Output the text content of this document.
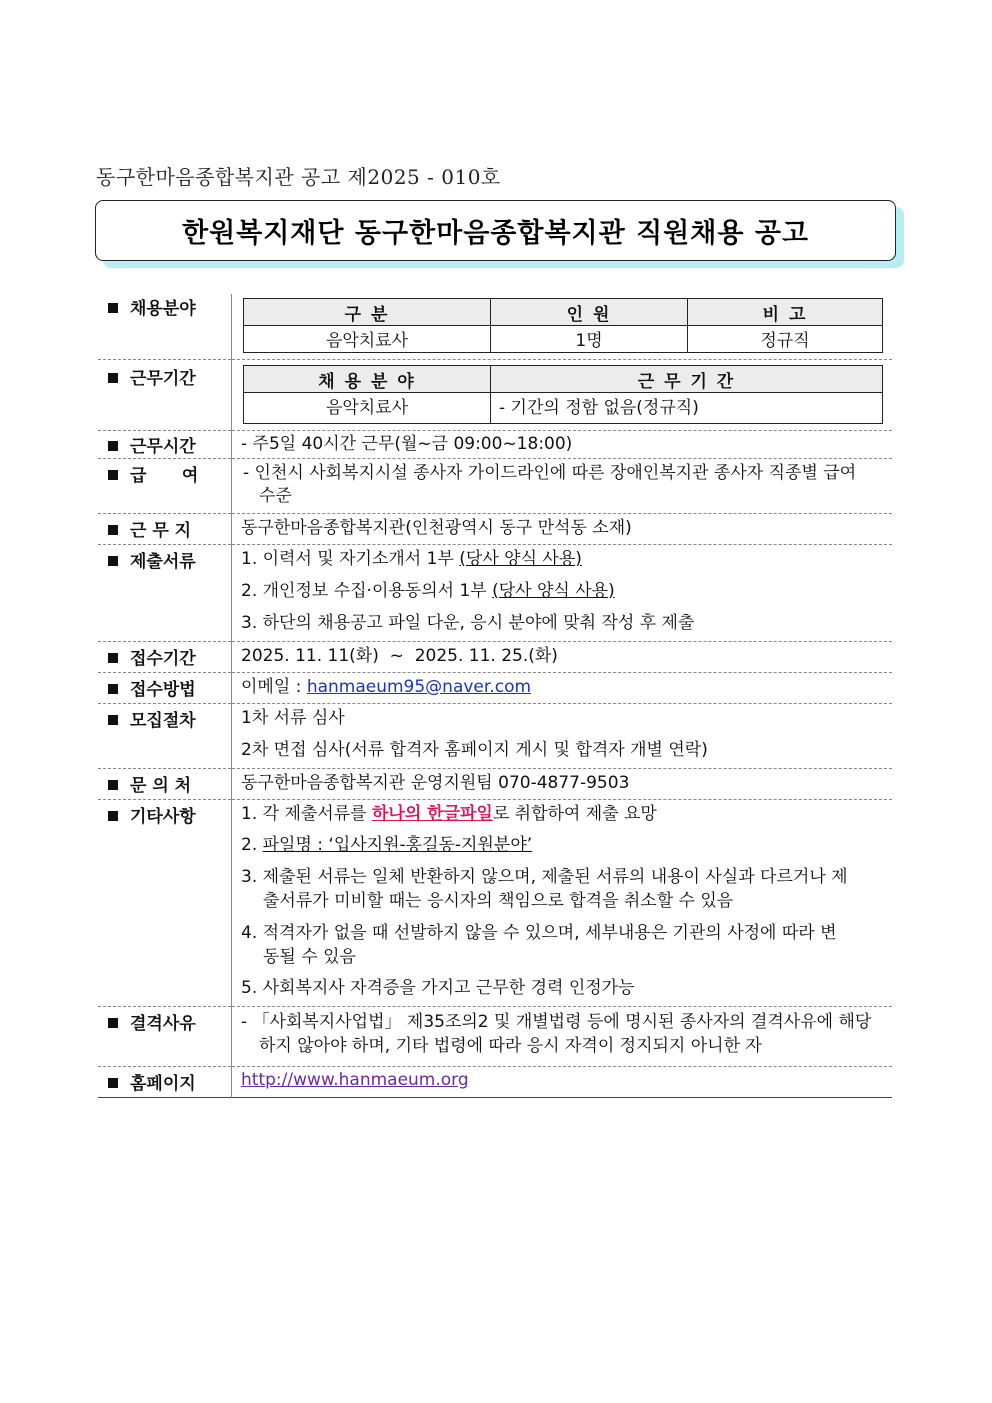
동구한마음종합복지관 공고 제2025 - 010호
한원복지재단 동구한마음종합복지관 직원채용 공고
채용분야		구 분	인 원	비 고
음악치료사	1명	정규직

근무기간		채 용 분 야	근 무 기 간
음악치료사	- 기간의 정함 없음(정규직)

근무시간	- 주5일 40시간 근무(월~금 09:00~18:00)

급      여	- 인천시 사회복지시설 종사자 가이드라인에 따른 장애인복지관 종사자 직종별 급여수준

근 무 지	동구한마음종합복지관(인천광역시 동구 만석동 소재)

제출서류	1. 이력서 및 자기소개서 1부 (당사 양식 사용)
2. 개인정보 수집·이용동의서 1부 (당사 양식 사용)
3. 하단의 채용공고 파일 다운, 응시 분야에 맞춰 작성 후 제출

접수기간	2025. 11. 11(화)  ~  2025. 11. 25.(화)

접수방법	이메일 : hanmaeum95@naver.com

모집절차	1차 서류 심사
2차 면접 심사(서류 합격자 홈페이지 게시 및 합격자 개별 연락)

문 의 처	동구한마음종합복지관 운영지원팀 070-4877-9503

기타사항	1. 각 제출서류를 하나의 한글파일로 취합하여 제출 요망
2. 파일명 : ‘입사지원-홍길동-지원분야’
3. 제출된 서류는 일체 반환하지 않으며, 제출된 서류의 내용이 사실과 다르거나 제출서류가 미비할 때는 응시자의 책임으로 합격을 취소할 수 있음
4. 적격자가 없을 때 선발하지 않을 수 있으며, 세부내용은 기관의 사정에 따라 변동될 수 있음
5. 사회복지사 자격증을 가지고 근무한 경력 인정가능

결격사유	- 「사회복지사업법」 제35조의2 및 개별법령 등에 명시된 종사자의 결격사유에 해당하지 않아야 하며, 기타 법령에 따라 응시 자격이 정지되지 아니한 자

홈페이지	http://www.hanmaeum.org
